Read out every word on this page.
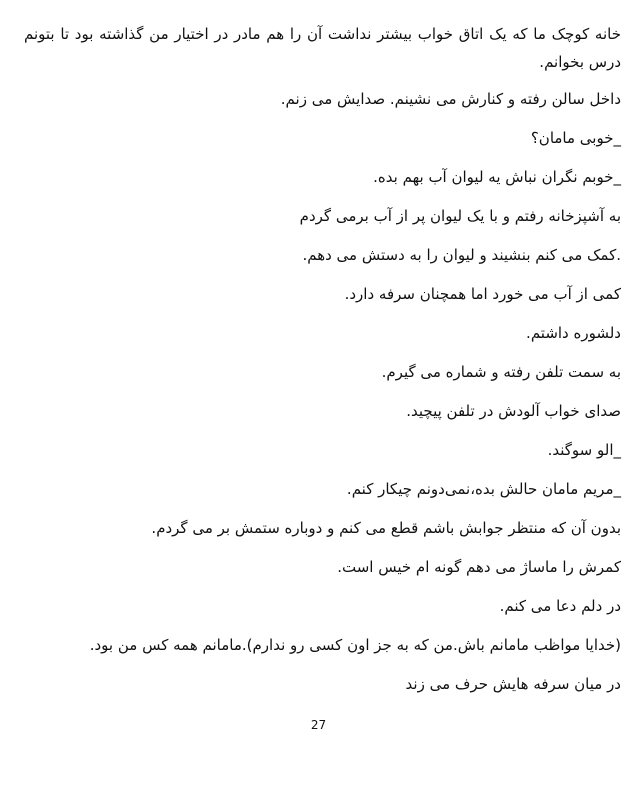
خانه کوچک ما که یک اتاق خواب بیشتر نداشت آن را هم مادر در اختیار من گذاشته بود تا بتونم درس بخوانم.

داخل سالن رفته و کنارش می نشینم. صدایش می زنم.

_خوبی مامان؟

_خوبم نگران نباش یه لیوان آب بهم بده.

به آشپزخانه رفتم و با یک لیوان پر از آب برمی گردم

.کمک می کنم بنشیند و لیوان را به دستش می دهم.

کمی از آب می خورد اما همچنان سرفه دارد.

دلشوره داشتم.

به سمت تلفن رفته و شماره می گیرم.

صدای خواب آلودش در تلفن پیچید.

_الو سوگند.

_مریم مامان حالش بده،نمی‌دونم چیکار کنم.

بدون آن که منتظر جوابش باشم قطع می کنم و دوباره ستمش بر می گردم.

کمرش را ماساژ می دهم گونه ام خیس است.

در دلم دعا می کنم.

(خدایا مواظب مامانم باش.من که به جز اون کسی رو ندارم).مامانم همه کس من بود.

در میان سرفه هایش حرف می زند

27
